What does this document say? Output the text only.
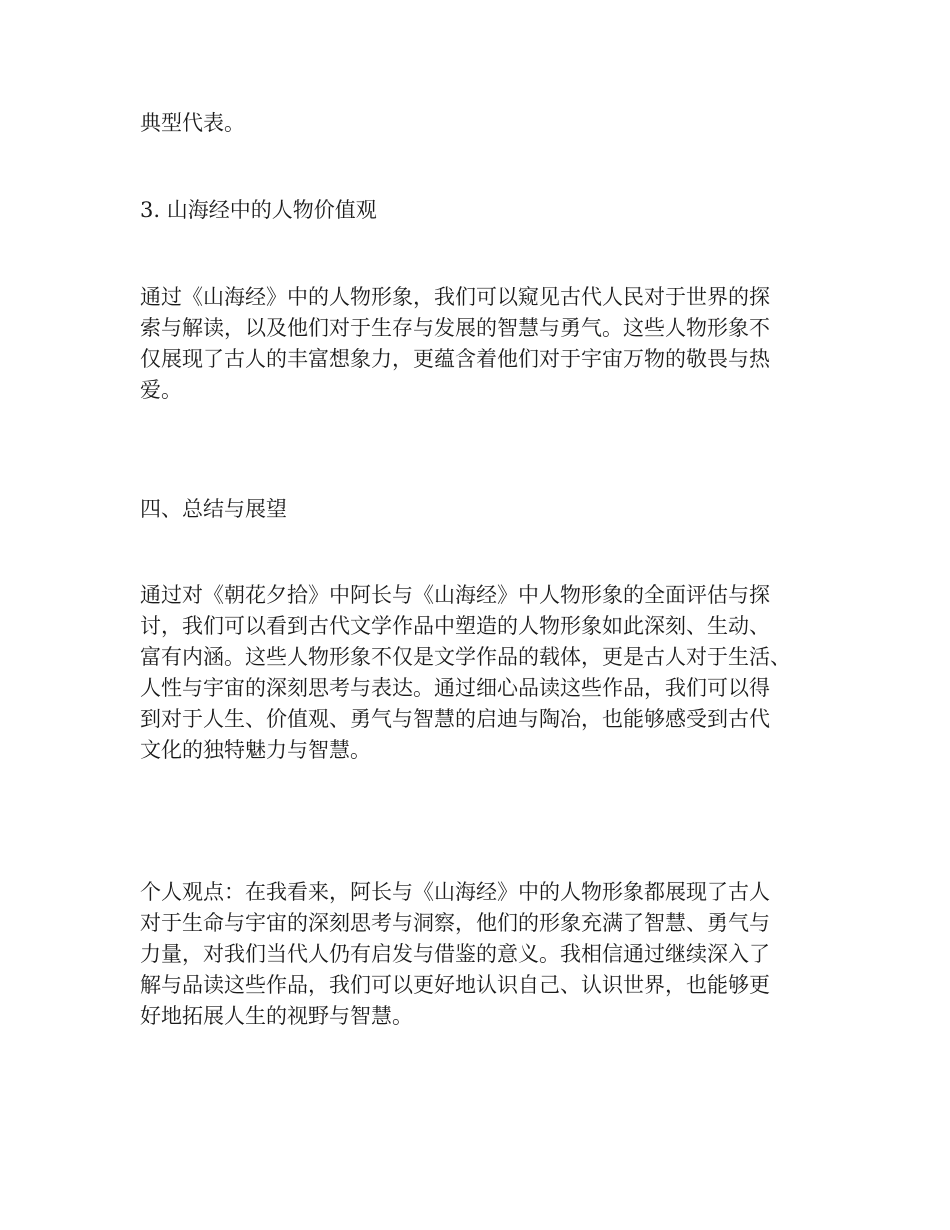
典型代表。
3. 山海经中的人物价值观
通过《山海经》中的人物形象，我们可以窥见古代人民对于世界的探
索与解读，以及他们对于生存与发展的智慧与勇气。这些人物形象不
仅展现了古人的丰富想象力，更蕴含着他们对于宇宙万物的敬畏与热
爱。
四、总结与展望
通过对《朝花夕拾》中阿长与《山海经》中人物形象的全面评估与探
讨，我们可以看到古代文学作品中塑造的人物形象如此深刻、生动、
富有内涵。这些人物形象不仅是文学作品的载体，更是古人对于生活、
人性与宇宙的深刻思考与表达。通过细心品读这些作品，我们可以得
到对于人生、价值观、勇气与智慧的启迪与陶冶，也能够感受到古代
文化的独特魅力与智慧。
个人观点：在我看来，阿长与《山海经》中的人物形象都展现了古人
对于生命与宇宙的深刻思考与洞察，他们的形象充满了智慧、勇气与
力量，对我们当代人仍有启发与借鉴的意义。我相信通过继续深入了
解与品读这些作品，我们可以更好地认识自己、认识世界，也能够更
好地拓展人生的视野与智慧。
